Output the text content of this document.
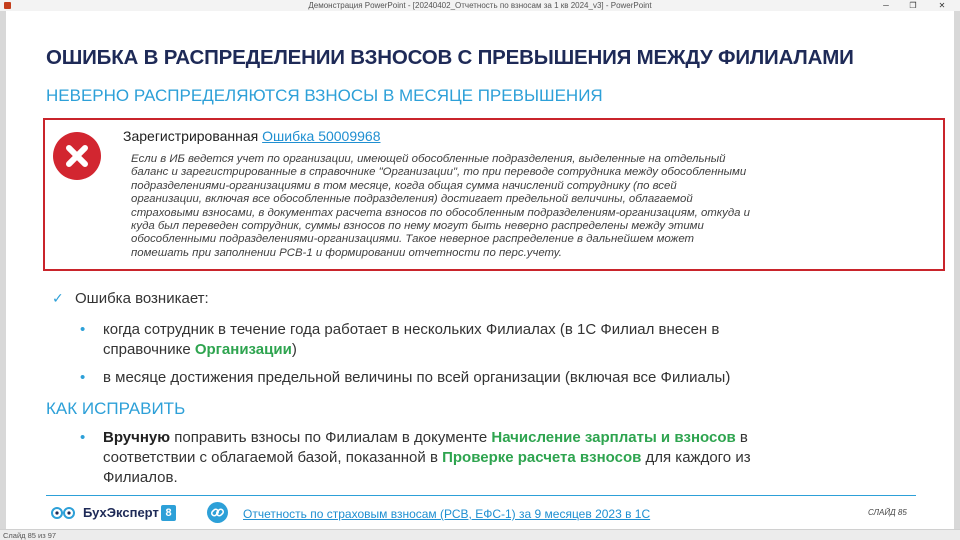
Демонстрация PowerPoint - [20240402_Отчетность по взносам за 1 кв 2024_v3] - PowerPoint	─	❐	✕
ОШИБКА В РАСПРЕДЕЛЕНИИ ВЗНОСОВ С ПРЕВЫШЕНИЯ МЕЖДУ ФИЛИАЛАМИ
НЕВЕРНО РАСПРЕДЕЛЯЮТСЯ ВЗНОСЫ В МЕСЯЦЕ ПРЕВЫШЕНИЯ
Зарегистрированная Ошибка 50009968
Если в ИБ ведется учет по организации, имеющей обособленные подразделения, выделенные на отдельный
баланс и зарегистрированные в справочнике "Организации", то при переводе сотрудника между обособленными
подразделениями-организациями в том месяце, когда общая сумма начислений сотруднику (по всей
организации, включая все обособленные подразделения) достигает предельной величины, облагаемой
страховыми взносами, в документах расчета взносов по обособленным подразделениям-организациям, откуда и
куда был переведен сотрудник, суммы взносов по нему могут быть неверно распределены между этими
обособленными подразделениями-организациями. Такое неверное распределение в дальнейшем может
помешать при заполнении РСВ-1 и формировании отчетности по перс.учету.
✓ Ошибка возникает:
• когда сотрудник в течение года работает в нескольких Филиалах (в 1С Филиал внесен в
справочнике Организации)
• в месяце достижения предельной величины по всей организации (включая все Филиалы)
КАК ИСПРАВИТЬ
• Вручную поправить взносы по Филиалам в документе Начисление зарплаты и взносов в
соответствии с облагаемой базой, показанной в Проверке расчета взносов для каждого из
Филиалов.
БухЭксперт 8	Отчетность по страховым взносам (РСВ, ЕФС-1) за 9 месяцев 2023 в 1С	СЛАЙД 85
Слайд 85 из 97
